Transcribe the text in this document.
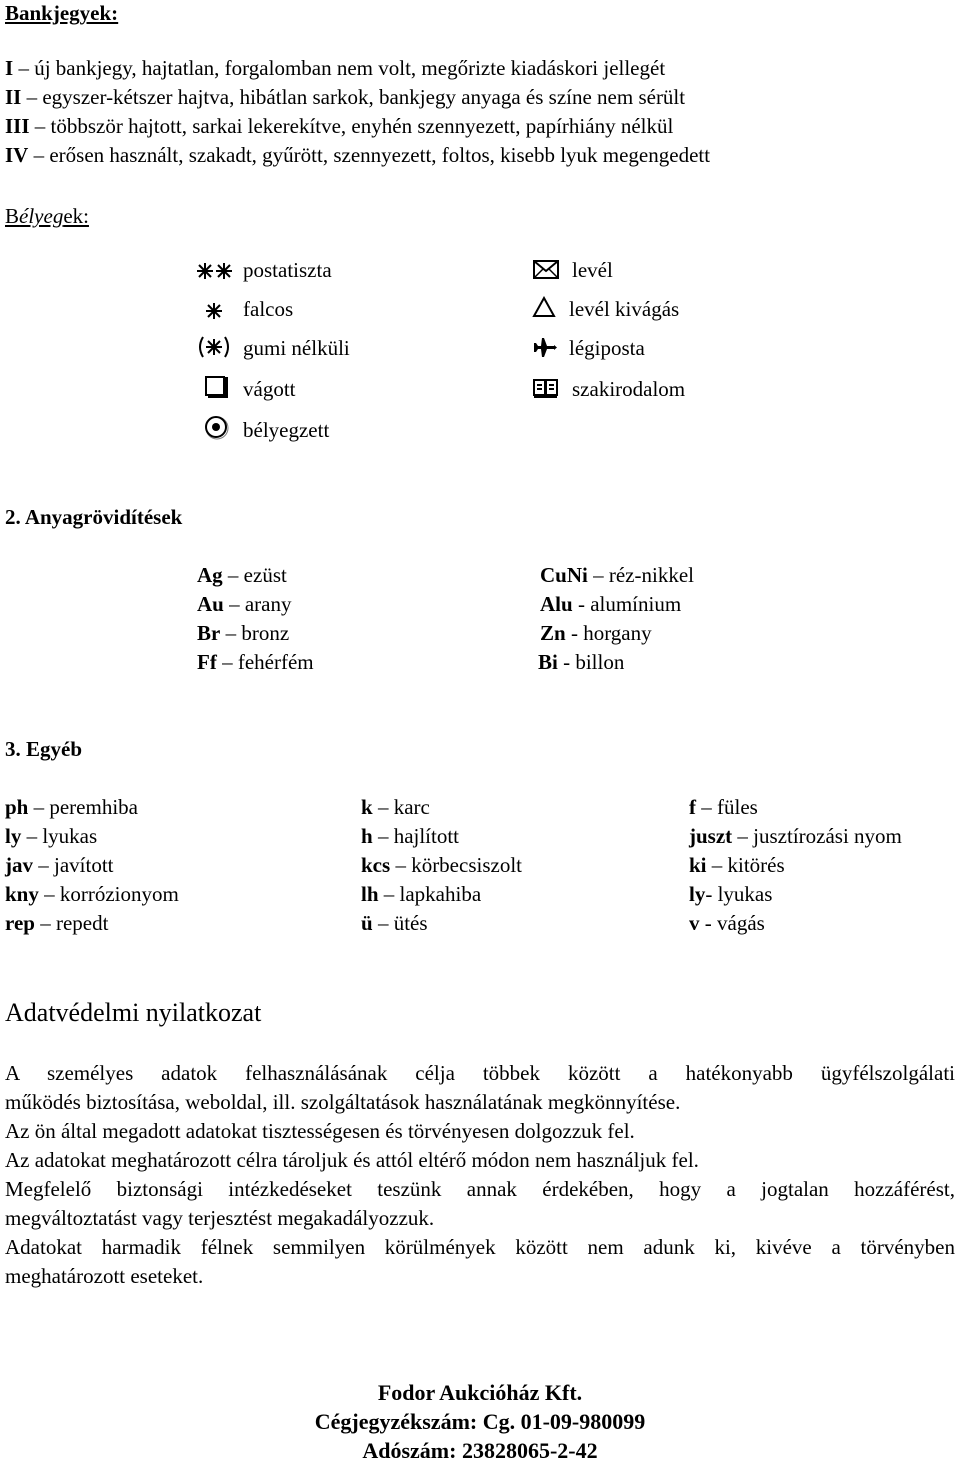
Bankjegyek:
I – új bankjegy, hajtatlan, forgalomban nem volt, megőrizte kiadáskori jellegét
II – egyszer-kétszer hajtva, hibátlan sarkok, bankjegy anyaga és színe nem sérült
III – többször hajtott, sarkai lekerekítve, enyhén szennyezett, papírhiány nélkül
IV – erősen használt, szakadt, gyűrött, szennyezett, foltos, kisebb lyuk megengedett
Bélyegek:
postatiszta
falcos
gumi nélküli
vágott
bélyegzett
levél
levél kivágás
légiposta
szakirodalom
2. Anyagrövidítések
Ag – ezüst
Au – arany
Br – bronz
Ff – fehérfém
CuNi – réz-nikkel
Alu - alumínium
Zn - horgany
Bi - billon
3. Egyéb
ph – peremhiba
ly – lyukas
jav – javított
kny – korrózionyom
rep – repedt
k – karc
h – hajlított
kcs – körbecsiszolt
lh – lapkahiba
ü – ütés
f – füles
juszt – jusztírozási nyom
ki – kitörés
ly- lyukas
v - vágás
Adatvédelmi nyilatkozat

A személyes adatok felhasználásának célja többek között a hatékonyabb ügyfélszolgálati

működés biztosítása, weboldal, ill. szolgáltatások használatának megkönnyítése.

Az ön által megadott adatokat tisztességesen és törvényesen dolgozzuk fel.

Az adatokat meghatározott célra tároljuk és attól eltérő módon nem használjuk fel.

Megfelelő biztonsági intézkedéseket teszünk annak érdekében, hogy a jogtalan hozzáférést,

megváltoztatást vagy terjesztést megakadályozzuk.

Adatokat harmadik félnek semmilyen körülmények között nem adunk ki, kivéve a törvényben

meghatározott eseteket.

Fodor Aukcióház Kft.
Cégjegyzékszám: Cg. 01-09-980099
Adószám: 23828065-2-42
